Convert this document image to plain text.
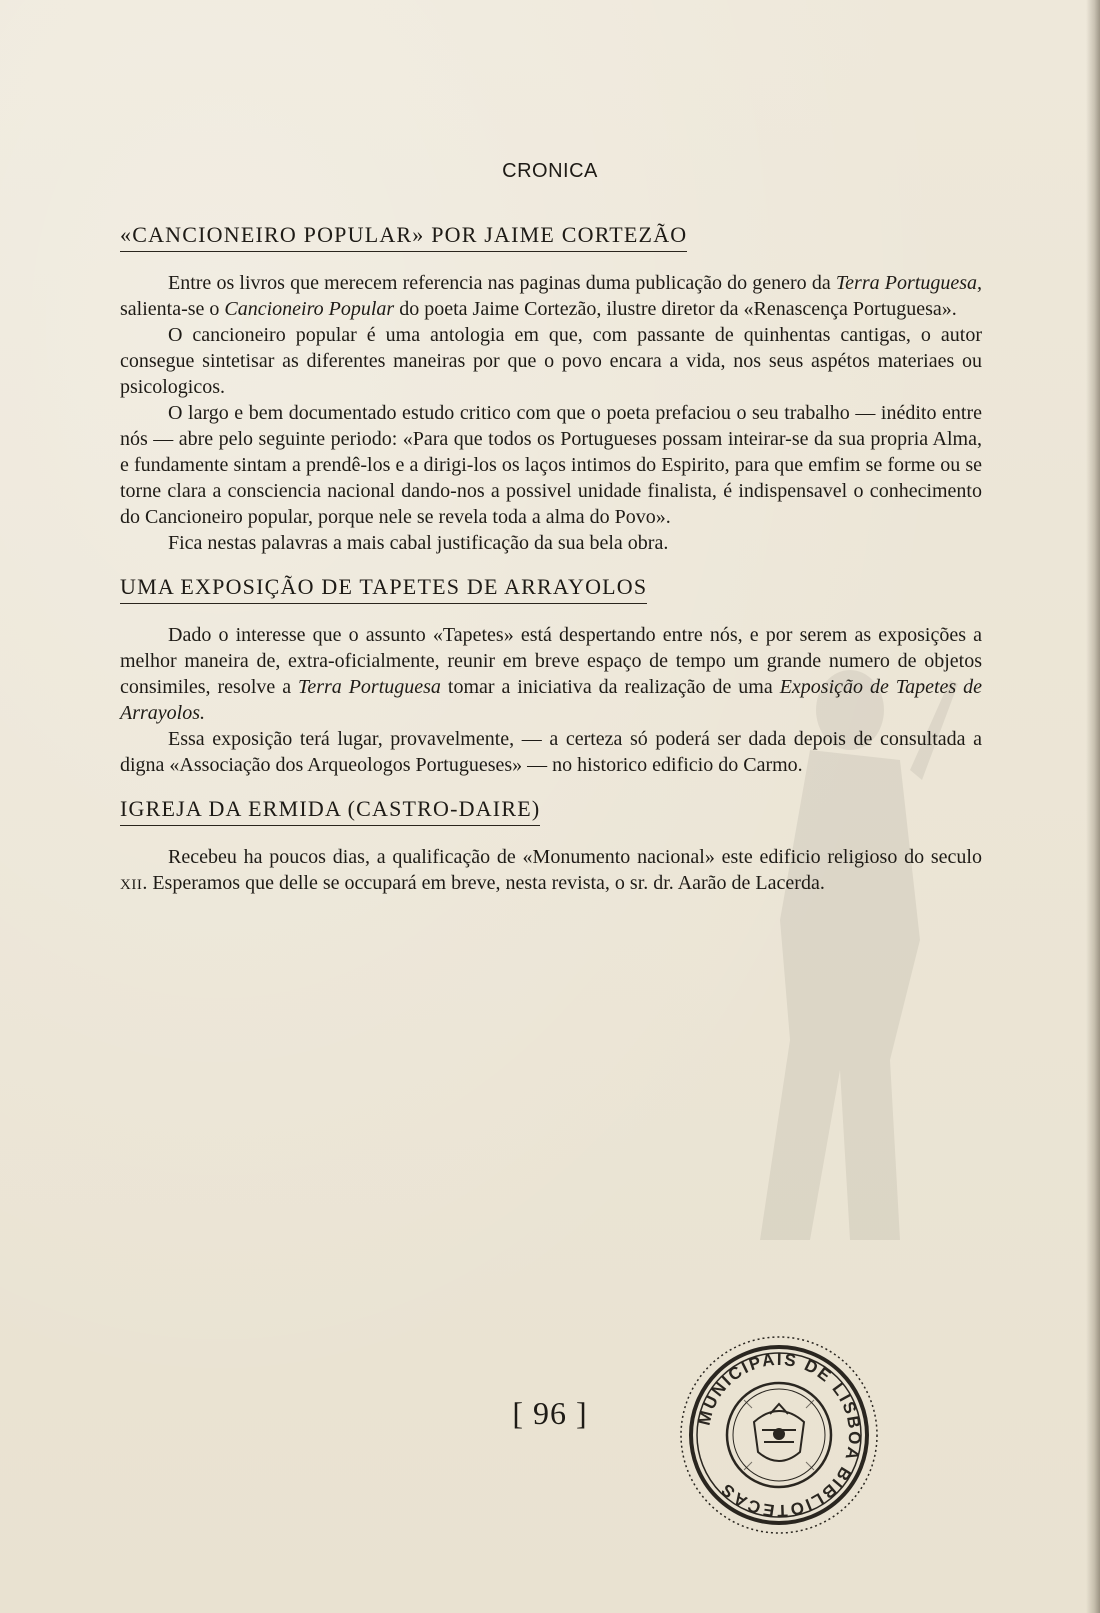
CRONICA
«CANCIONEIRO POPULAR» POR JAIME CORTEZÃO

Entre os livros que merecem referencia nas paginas duma publicação do genero da Terra Portuguesa, salienta-se o Cancioneiro Popular do poeta Jaime Cortezão, ilustre diretor da «Renascença Portuguesa».

O cancioneiro popular é uma antologia em que, com passante de quinhentas cantigas, o autor consegue sintetisar as diferentes maneiras por que o povo encara a vida, nos seus aspétos materiaes ou psicologicos.

O largo e bem documentado estudo critico com que o poeta prefaciou o seu trabalho — inédito entre nós — abre pelo seguinte periodo: «Para que todos os Portugueses possam inteirar-se da sua propria Alma, e fundamente sintam a prendê-los e a dirigi-los os laços intimos do Espirito, para que emfim se forme ou se torne clara a consciencia nacional dando-nos a possivel unidade finalista, é indispensavel o conhecimento do Cancioneiro popular, porque nele se revela toda a alma do Povo».

Fica nestas palavras a mais cabal justificação da sua bela obra.

UMA EXPOSIÇÃO DE TAPETES DE ARRAYOLOS

Dado o interesse que o assunto «Tapetes» está despertando entre nós, e por serem as exposições a melhor maneira de, extra-oficialmente, reunir em breve espaço de tempo um grande numero de objetos consimiles, resolve a Terra Portuguesa tomar a iniciativa da realização de uma Exposição de Tapetes de Arrayolos.

Essa exposição terá lugar, provavelmente, — a certeza só poderá ser dada depois de consultada a digna «Associação dos Arqueologos Portugueses» — no historico edificio do Carmo.

IGREJA DA ERMIDA (CASTRO-DAIRE)

Recebeu ha poucos dias, a qualificação de «Monumento nacional» este edificio religioso do seculo XII. Esperamos que delle se occupará em breve, nesta revista, o sr. dr. Aarão de Lacerda.

[ 96 ]	MUNICIPAIS DE LISBOA BIBLIOTECAS
